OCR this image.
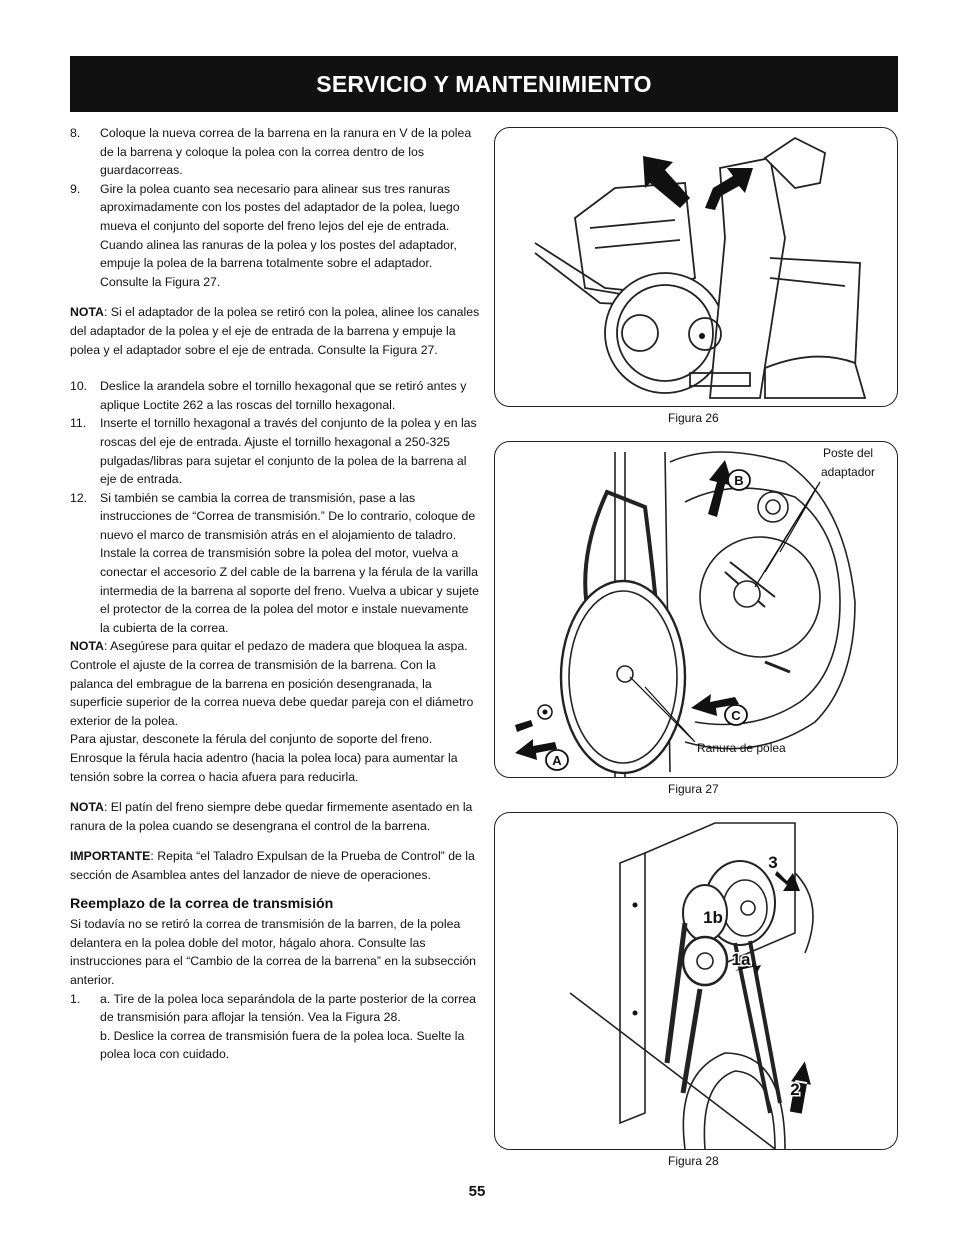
SERVICIO Y MANTENIMIENTO
8.	Coloque la nueva correa de la barrena en la ranura en V de la polea de la barrena y coloque la polea con la correa dentro de los guardacorreas.
9.	Gire la polea cuanto sea necesario para alinear sus tres ranuras aproximadamente con los postes del adaptador de la polea, luego mueva el conjunto del soporte del freno lejos del eje de entrada. Cuando alinea las ranuras de la polea y los postes del adaptador, empuje la polea de la barrena totalmente sobre el adaptador. Consulte la Figura 27.

NOTA: Si el adaptador de la polea se retiró con la polea, alinee los canales del adaptador de la polea y el eje de entrada de la barrena y empuje la polea y el adaptador sobre el eje de entrada. Consulte la Figura 27.

10.	Deslice la arandela sobre el tornillo hexagonal que se retiró antes y aplique Loctite 262 a las roscas del tornillo hexagonal.
11.	Inserte el tornillo hexagonal a través del conjunto de la polea y en las roscas del eje de entrada. Ajuste el tornillo hexagonal a 250-325 pulgadas/libras para sujetar el conjunto de la polea de la barrena al eje de entrada.
12.	Si también se cambia la correa de transmisión, pase a las instrucciones de “Correa de transmisión.” De lo contrario, coloque de nuevo el marco de transmisión atrás en el alojamiento de taladro. Instale la correa de transmisión sobre la polea del motor, vuelva a conectar el accesorio Z del cable de la barrena y la férula de la varilla intermedia de la barrena al soporte del freno. Vuelva a ubicar y sujete el protector de la correa de la polea del motor e instale nuevamente la cubierta de la correa.

NOTA: Asegúrese para quitar el pedazo de madera que bloquea la aspa.

Controle el ajuste de la correa de transmisión de la barrena. Con la palanca del embrague de la barrena en posición desengranada, la superficie superior de la correa nueva debe quedar pareja con el diámetro exterior de la polea.

Para ajustar, desconete la férula del conjunto de soporte del freno. Enrosque la férula hacia adentro (hacia la polea loca) para aumentar la tensión sobre la correa o hacia afuera para reducirla.

NOTA: El patín del freno siempre debe quedar firmemente asentado en la ranura de la polea cuando se desengrana el control de la barrena.

IMPORTANTE: Repita “el Taladro Expulsan de la Prueba de Control” de la sección de Asamblea antes del lanzador de nieve de operaciones.

Reemplazo de la correa de transmisión

Si todavía no se retiró la correa de transmisión de la barren, de la polea delantera en la polea doble del motor, hágalo ahora. Consulte las instrucciones para el “Cambio de la correa de la barrena” en la subsección anterior.

1.	a. Tire de la polea loca separándola de la parte posterior de la correa de transmisión para aflojar la tensión. Vea la Figura 28.

b. Deslice la correa de transmisión fuera de la polea loca. Suelte la polea loca con cuidado.

Figura 26
B
C
A
Poste del
adaptador
Ranura de polea
Figura 27
3
1b
1a
2
Figura 28
55
